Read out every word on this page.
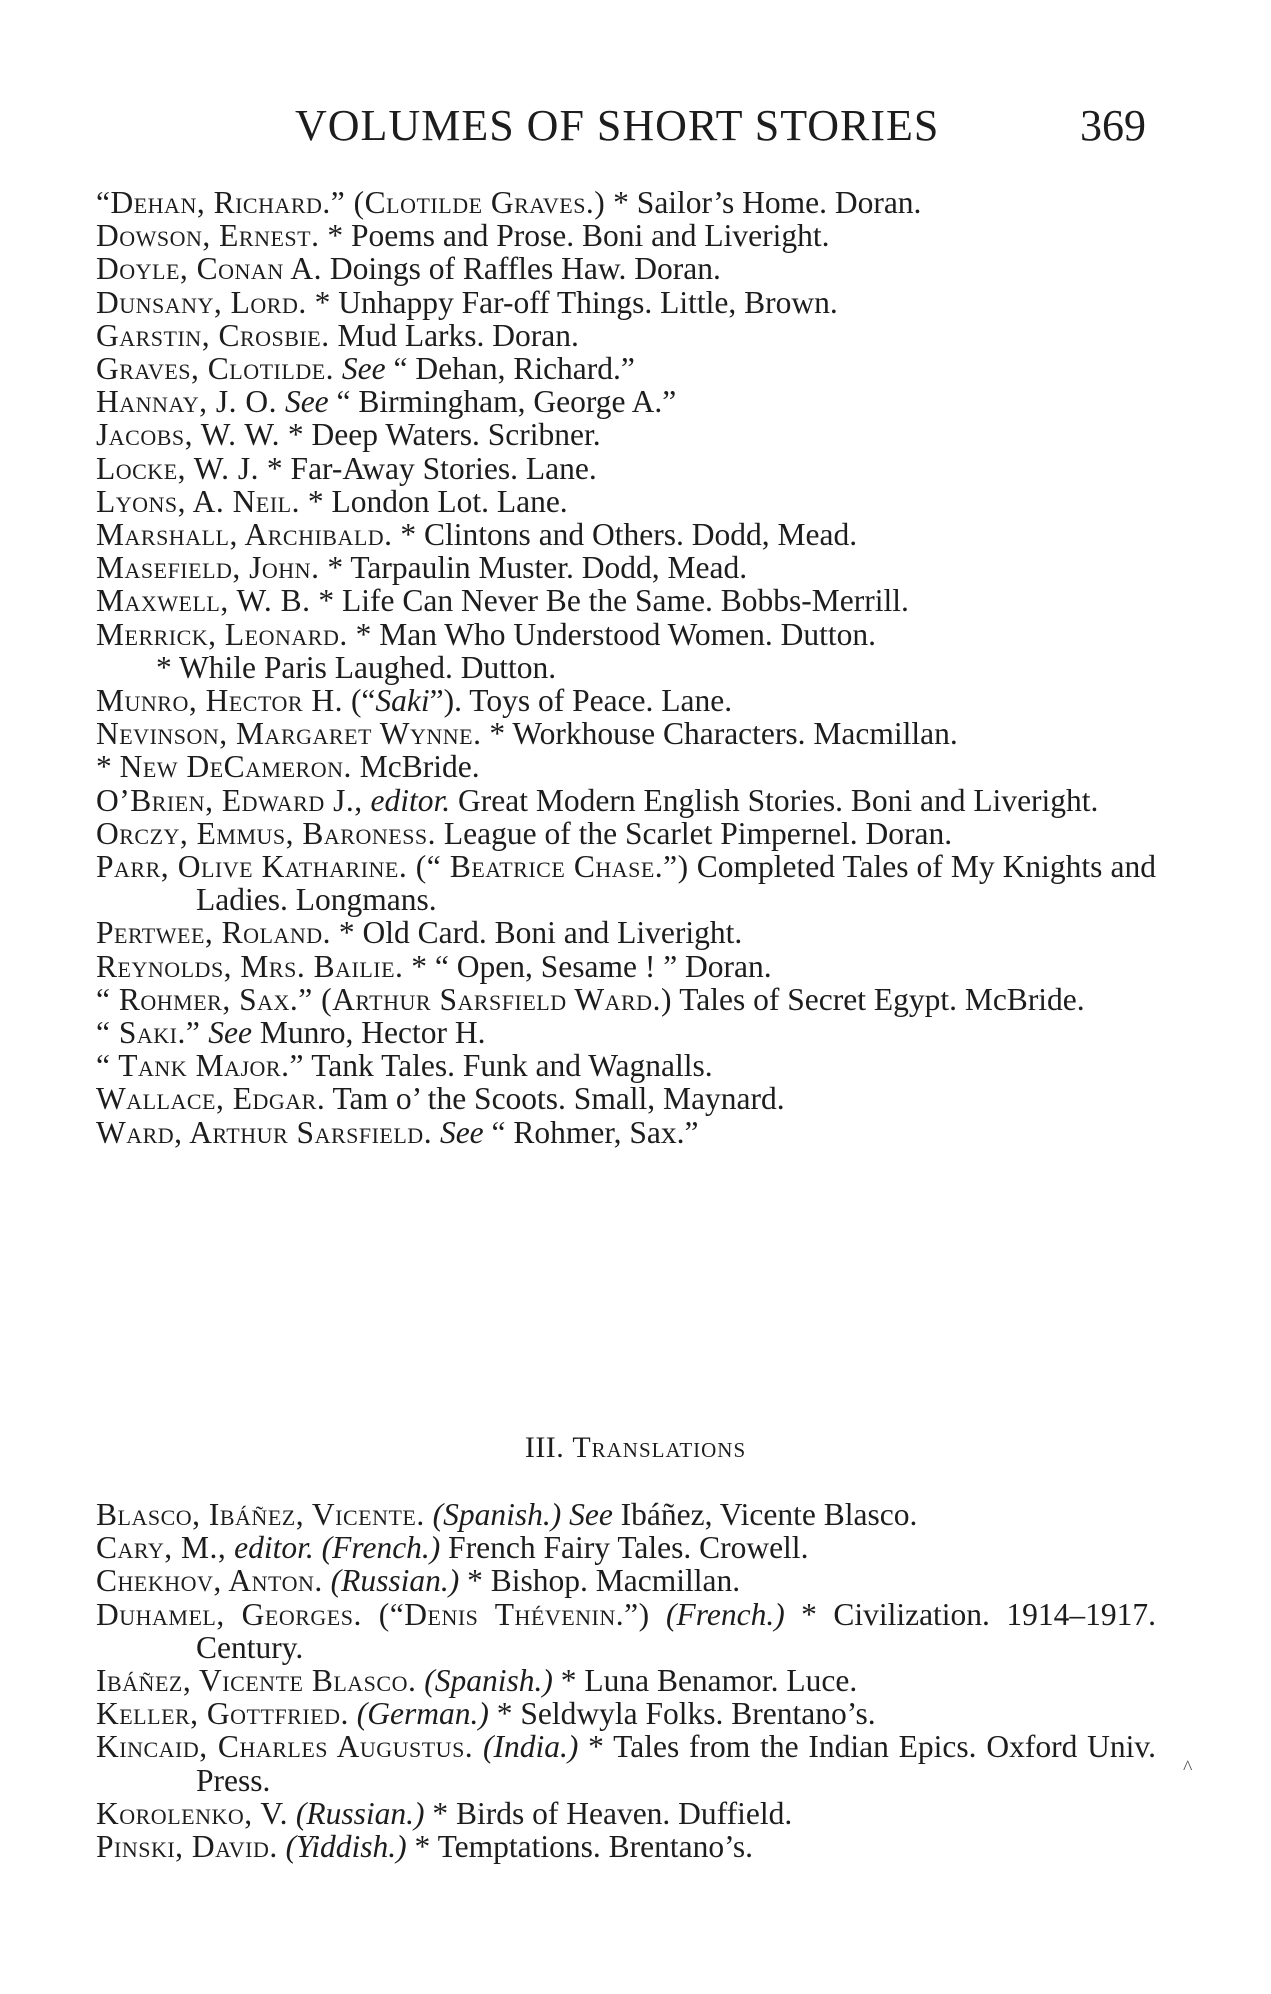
VOLUMES OF SHORT STORIES	369

“Dehan, Richard.” (Clotilde Graves.) * Sailor’s Home. Doran.

Dowson, Ernest. * Poems and Prose. Boni and Liveright.

Doyle, Conan A. Doings of Raffles Haw. Doran.

Dunsany, Lord. * Unhappy Far-off Things. Little, Brown.

Garstin, Crosbie. Mud Larks. Doran.

Graves, Clotilde. See “ Dehan, Richard.”

Hannay, J. O. See “ Birmingham, George A.”

Jacobs, W. W. * Deep Waters. Scribner.

Locke, W. J. * Far-Away Stories. Lane.

Lyons, A. Neil. * London Lot. Lane.

Marshall, Archibald. * Clintons and Others. Dodd, Mead.

Masefield, John. * Tarpaulin Muster. Dodd, Mead.

Maxwell, W. B. * Life Can Never Be the Same. Bobbs-Merrill.

Merrick, Leonard. * Man Who Understood Women. Dutton.
* While Paris Laughed. Dutton.

Munro, Hector H. (“Saki”). Toys of Peace. Lane.

Nevinson, Margaret Wynne. * Workhouse Characters. Macmillan.

* New DeCameron. McBride.

O’Brien, Edward J., editor. Great Modern English Stories. Boni and Liveright.

Orczy, Emmus, Baroness. League of the Scarlet Pimpernel. Doran.

Parr, Olive Katharine. (“ Beatrice Chase.”) Completed Tales of My Knights and Ladies. Longmans.

Pertwee, Roland. * Old Card. Boni and Liveright.

Reynolds, Mrs. Bailie. * “ Open, Sesame ! ” Doran.

“ Rohmer, Sax.” (Arthur Sarsfield Ward.) Tales of Secret Egypt. McBride.

“ Saki.” See Munro, Hector H.

“ Tank Major.” Tank Tales. Funk and Wagnalls.

Wallace, Edgar. Tam o’ the Scoots. Small, Maynard.

Ward, Arthur Sarsfield. See “ Rohmer, Sax.”

III. Translations

Blasco, Ibáñez, Vicente. (Spanish.) See Ibáñez, Vicente Blasco.

Cary, M., editor. (French.) French Fairy Tales. Crowell.

Chekhov, Anton. (Russian.) * Bishop. Macmillan.

Duhamel, Georges. (“Denis Thévenin.”) (French.) * Civilization. 1914–1917. Century.

Ibáñez, Vicente Blasco. (Spanish.) * Luna Benamor. Luce.

Keller, Gottfried. (German.) * Seldwyla Folks. Brentano’s.

Kincaid, Charles Augustus. (India.) * Tales from the Indian Epics. Oxford Univ. Press.

Korolenko, V. (Russian.) * Birds of Heaven. Duffield.

Pinski, David. (Yiddish.) * Temptations. Brentano’s.

^
